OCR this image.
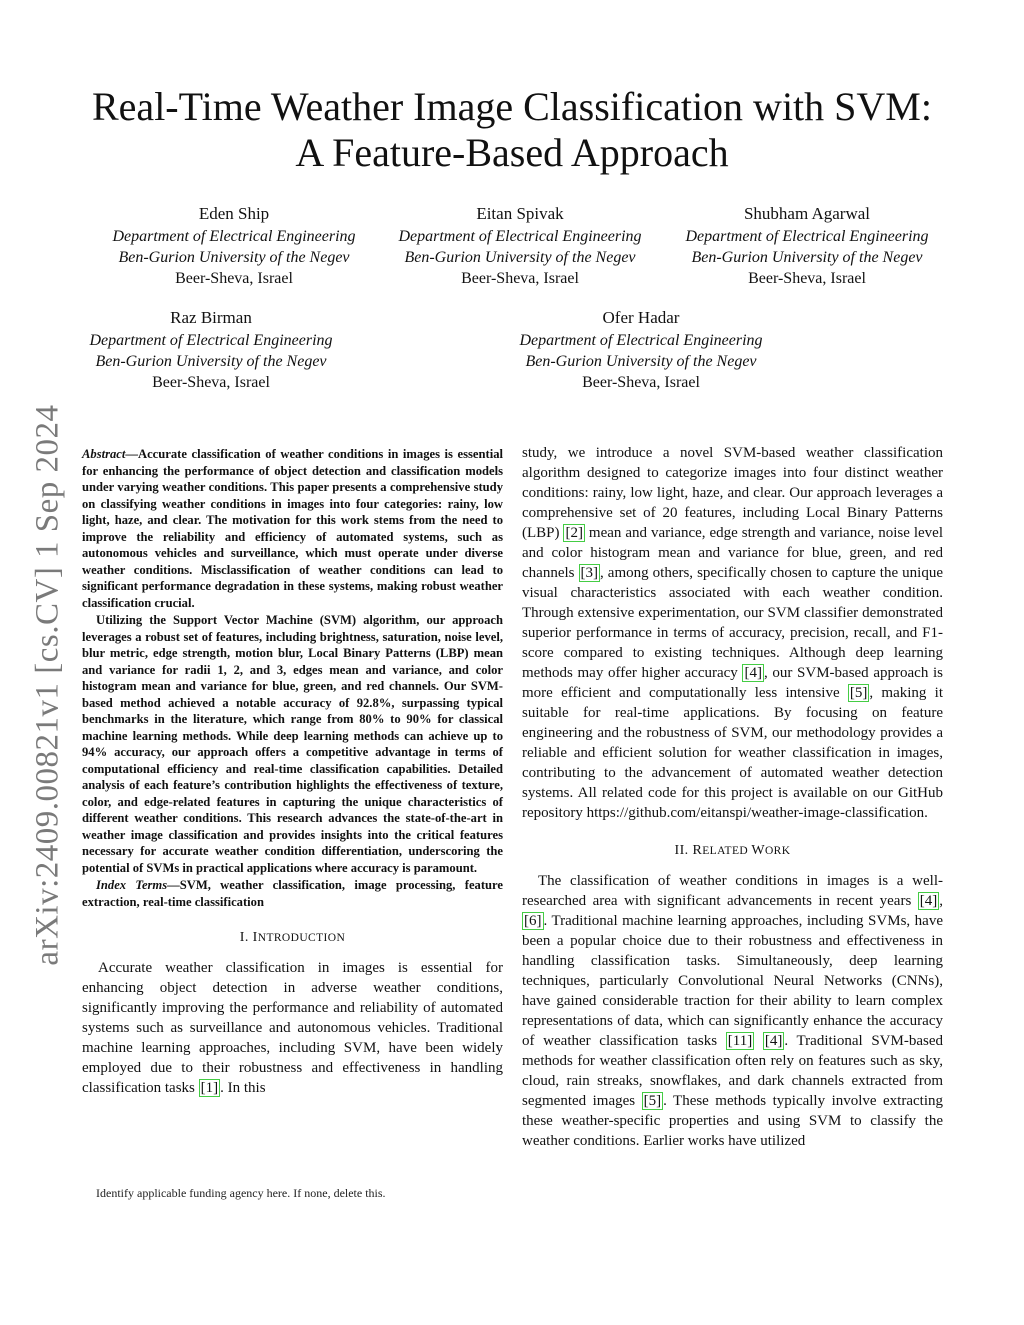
arXiv:2409.00821v1 [cs.CV] 1 Sep 2024
Real-Time Weather Image Classification with SVM:
A Feature-Based Approach
Eden Ship
Department of Electrical Engineering
Ben-Gurion University of the Negev
Beer-Sheva, Israel
Eitan Spivak
Department of Electrical Engineering
Ben-Gurion University of the Negev
Beer-Sheva, Israel
Shubham Agarwal
Department of Electrical Engineering
Ben-Gurion University of the Negev
Beer-Sheva, Israel
Raz Birman
Department of Electrical Engineering
Ben-Gurion University of the Negev
Beer-Sheva, Israel
Ofer Hadar
Department of Electrical Engineering
Ben-Gurion University of the Negev
Beer-Sheva, Israel

Abstract—Accurate classification of weather conditions in images is essential for enhancing the performance of object detection and classification models under varying weather conditions. This paper presents a comprehensive study on classifying weather conditions in images into four categories: rainy, low light, haze, and clear. The motivation for this work stems from the need to improve the reliability and efficiency of automated systems, such as autonomous vehicles and surveillance, which must operate under diverse weather conditions. Misclassification of weather conditions can lead to significant performance degradation in these systems, making robust weather classification crucial.

Utilizing the Support Vector Machine (SVM) algorithm, our approach leverages a robust set of features, including brightness, saturation, noise level, blur metric, edge strength, motion blur, Local Binary Patterns (LBP) mean and variance for radii 1, 2, and 3, edges mean and variance, and color histogram mean and variance for blue, green, and red channels. Our SVM-based method achieved a notable accuracy of 92.8%, surpassing typical benchmarks in the literature, which range from 80% to 90% for classical machine learning methods. While deep learning methods can achieve up to 94% accuracy, our approach offers a competitive advantage in terms of computational efficiency and real-time classification capabilities. Detailed analysis of each feature’s contribution highlights the effectiveness of texture, color, and edge-related features in capturing the unique characteristics of different weather conditions. This research advances the state-of-the-art in weather image classification and provides insights into the critical features necessary for accurate weather condition differentiation, underscoring the potential of SVMs in practical applications where accuracy is paramount.

Index Terms—SVM, weather classification, image processing, feature extraction, real-time classification

I. INTRODUCTION

Accurate weather classification in images is essential for enhancing object detection in adverse weather conditions, significantly improving the performance and reliability of automated systems such as surveillance and autonomous vehicles. Traditional machine learning approaches, including SVM, have been widely employed due to their robustness and effectiveness in handling classification tasks [1] . In this

Identify applicable funding agency here. If none, delete this.

study, we introduce a novel SVM-based weather classification algorithm designed to categorize images into four distinct weather conditions: rainy, low light, haze, and clear. Our approach leverages a comprehensive set of 20 features, including Local Binary Patterns (LBP) [2] mean and variance, edge strength and variance, noise level and color histogram mean and variance for blue, green, and red channels [3] , among others, specifically chosen to capture the unique visual characteristics associated with each weather condition. Through extensive experimentation, our SVM classifier demonstrated superior performance in terms of accuracy, precision, recall, and F1-score compared to existing techniques. Although deep learning methods may offer higher accuracy [4] , our SVM-based approach is more efficient and computationally less intensive [5] , making it suitable for real-time applications. By focusing on feature engineering and the robustness of SVM, our methodology provides a reliable and efficient solution for weather classification in images, contributing to the advancement of automated weather detection systems. All related code for this project is available on our GitHub repository https://github.com/eitanspi/weather-image-classification.

II. RELATED WORK

The classification of weather conditions in images is a well-researched area with significant advancements in recent years [4] , [6] . Traditional machine learning approaches, including SVMs, have been a popular choice due to their robustness and effectiveness in handling classification tasks. Simultaneously, deep learning techniques, particularly Convolutional Neural Networks (CNNs), have gained considerable traction for their ability to learn complex representations of data, which can significantly enhance the accuracy of weather classification tasks [11] [4] . Traditional SVM-based methods for weather classification often rely on features such as sky, cloud, rain streaks, snowflakes, and dark channels extracted from segmented images [5] . These methods typically involve extracting these weather-specific properties and using SVM to classify the weather conditions. Earlier works have utilized
